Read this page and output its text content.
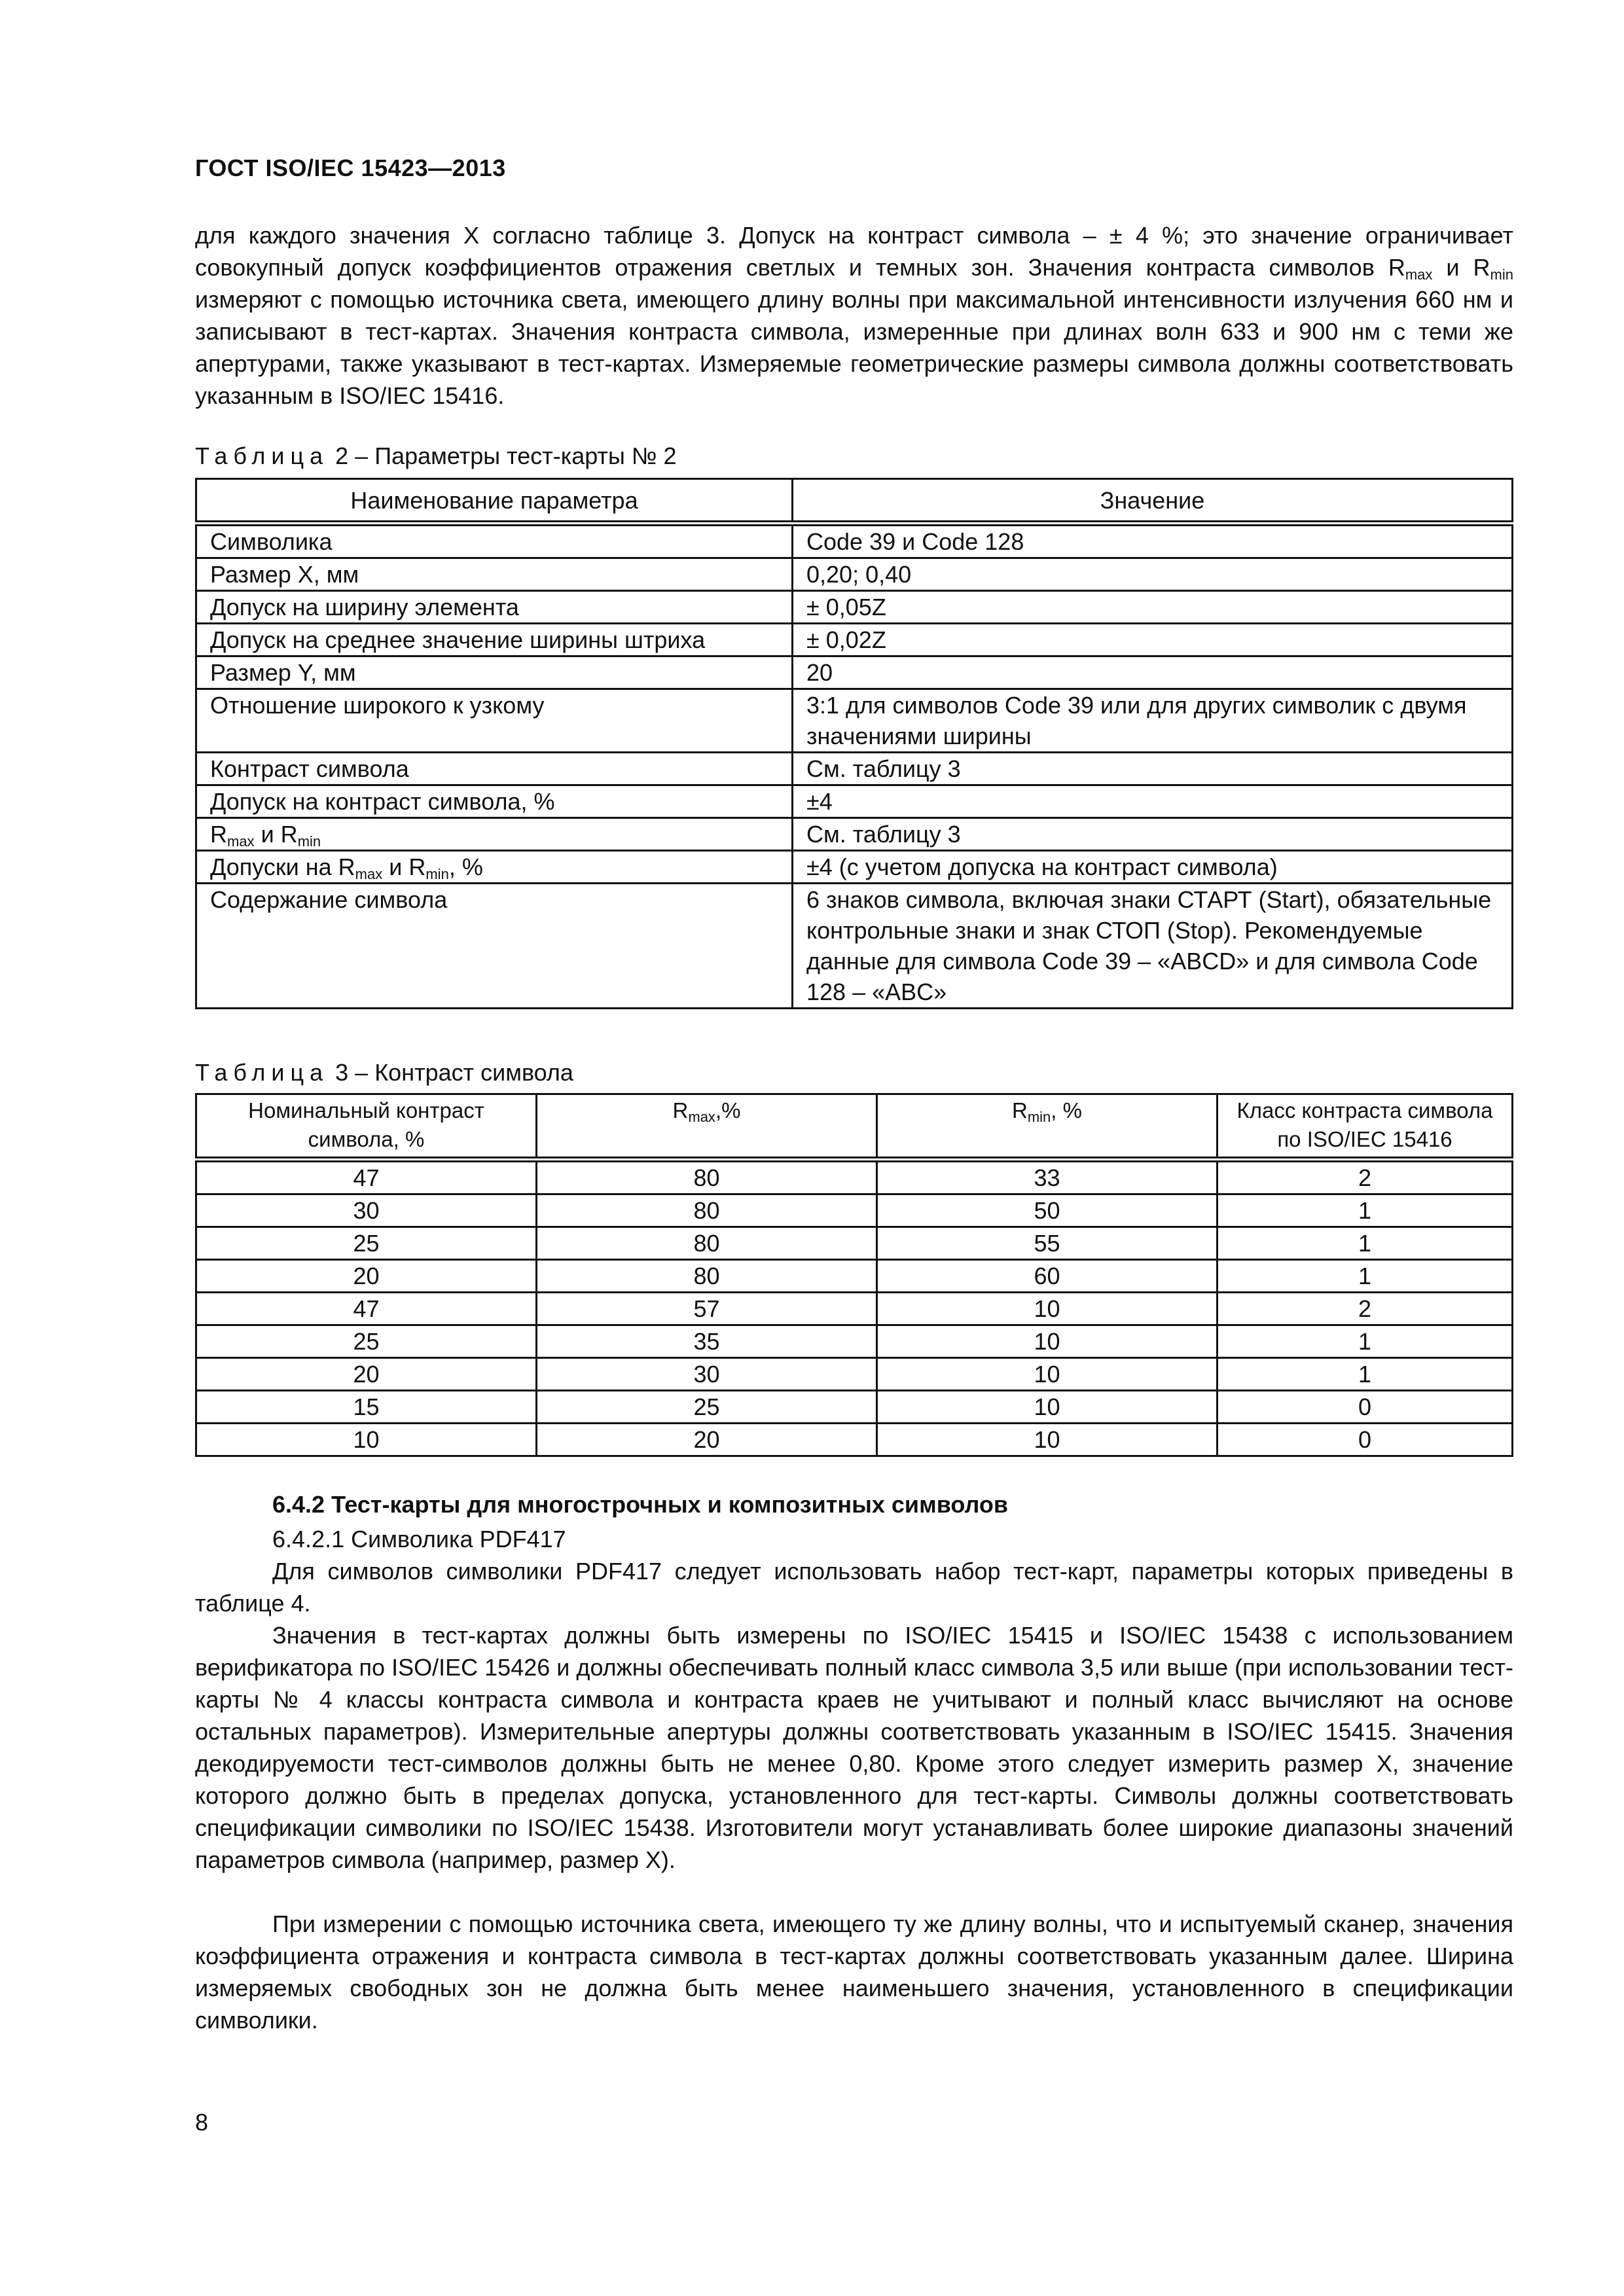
ГОСТ ISO/IEC 15423—2013
для каждого значения X согласно таблице 3. Допуск на контраст символа – ± 4 %; это значение ограничивает совокупный допуск коэффициентов отражения светлых и темных зон. Значения контраста символов $R_{max}$ и $R_{min}$ измеряют с помощью источника света, имеющего длину волны при максимальной интенсивности излучения 660 нм и записывают в тест-картах. Значения контраста символа, измеренные при длинах волн 633 и 900 нм с теми же апертурами, также указывают в тест-картах. Измеряемые геометрические размеры символа должны соответствовать указанным в ISO/IEC 15416.
Таблица 2 – Параметры тест-карты № 2
Наименование параметра	Значение
Символика	Code 39 и Code 128
Размер X, мм	0,20; 0,40
Допуск на ширину элемента	± 0,05Z
Допуск на среднее значение ширины штриха	± 0,02Z
Размер Y, мм	20
Отношение широкого к узкому	3:1 для символов Code 39 или для других символик с двумя значениями ширины
Контраст символа	См. таблицу 3
Допуск на контраст символа, %	±4
$R_{max}$ и $R_{min}$	См. таблицу 3
Допуски на $R_{max}$ и $R_{min}$, %	±4 (с учетом допуска на контраст символа)
Содержание символа	6 знаков символа, включая знаки СТАРТ (Start), обязательные контрольные знаки и знак СТОП (Stop). Рекомендуемые данные для символа Code 39 – «ABCD» и для символа Code 128 – «ABC»
Таблица 3 – Контраст символа
Номинальный контраст символа, %	$R_{max},\%$	$R_{min}$, %	Класс контраста символа по ISO/IEC 15416
47	80	33	2
30	80	50	1
25	80	55	1
20	80	60	1
47	57	10	2
25	35	10	1
20	30	10	1
15	25	10	0
10	20	10	0
6.4.2 Тест-карты для многострочных и композитных символов
6.4.2.1 Символика PDF417
Для символов символики PDF417 следует использовать набор тест-карт, параметры которых приведены в таблице 4.
Значения в тест-картах должны быть измерены по ISO/IEC 15415 и ISO/IEC 15438 с использованием верификатора по ISO/IEC 15426 и должны обеспечивать полный класс символа 3,5 или выше (при использовании тест-карты № 4 классы контраста символа и контраста краев не учитывают и полный класс вычисляют на основе остальных параметров). Измерительные апертуры должны соответствовать указанным в ISO/IEC 15415. Значения декодируемости тест-символов должны быть не менее 0,80. Кроме этого следует измерить размер X, значение которого должно быть в пределах допуска, установленного для тест-карты. Символы должны соответствовать спецификации символики по ISO/IEC 15438. Изготовители могут устанавливать более широкие диапазоны значений параметров символа (например, размер X).
При измерении с помощью источника света, имеющего ту же длину волны, что и испытуемый сканер, значения коэффициента отражения и контраста символа в тест-картах должны соответствовать указанным далее. Ширина измеряемых свободных зон не должна быть менее наименьшего значения, установленного в спецификации символики.
8
